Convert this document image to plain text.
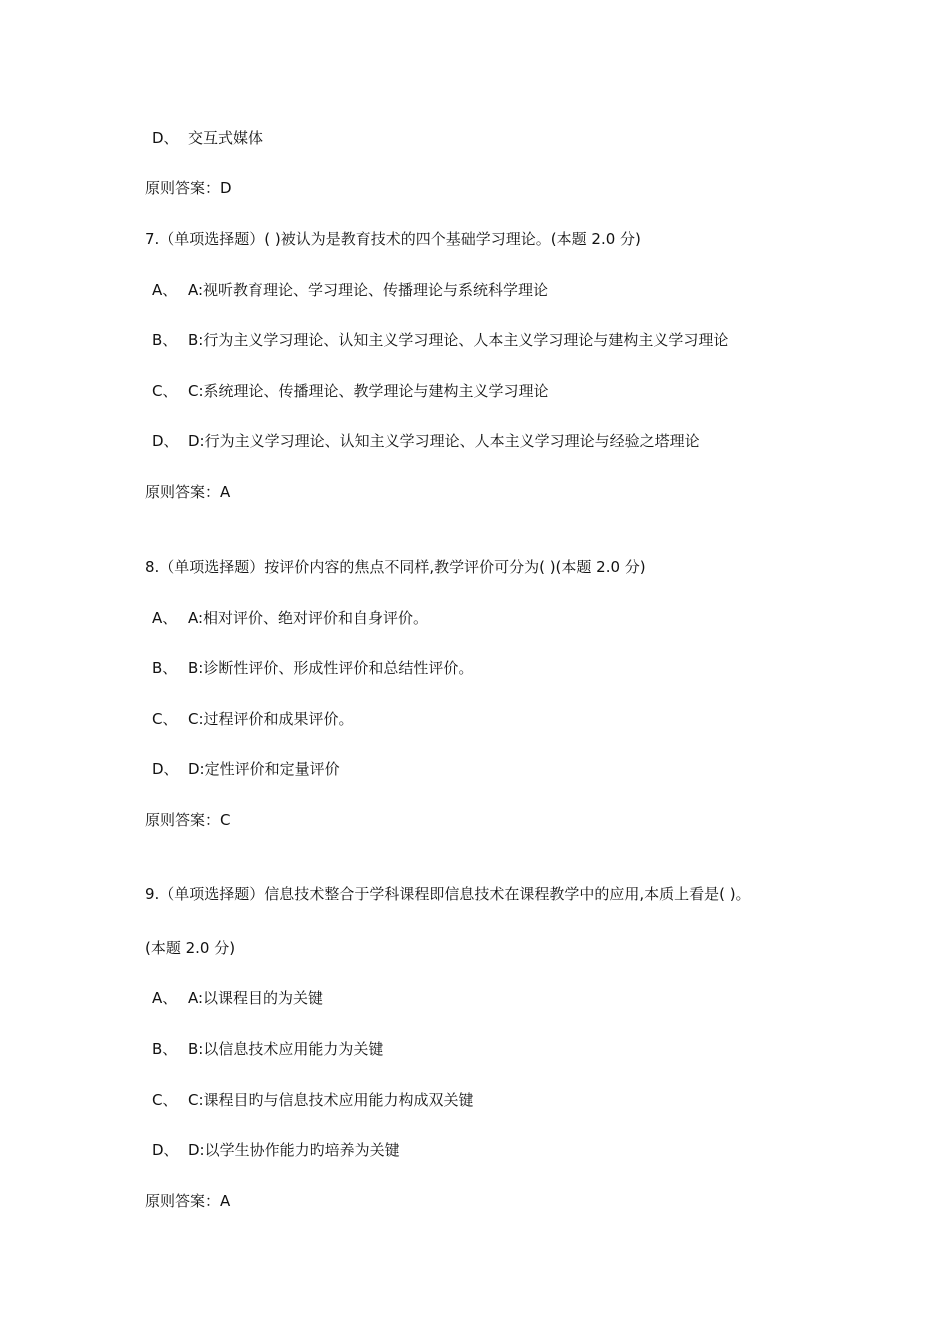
D、 交互式媒体
原则答案：D
7.（单项选择题）( )被认为是教育技术的四个基础学习理论。(本题 2.0 分)
A、 A:视听教育理论、学习理论、传播理论与系统科学理论
B、 B:行为主义学习理论、认知主义学习理论、人本主义学习理论与建构主义学习理论
C、 C:系统理论、传播理论、教学理论与建构主义学习理论
D、 D:行为主义学习理论、认知主义学习理论、人本主义学习理论与经验之塔理论
原则答案：A
8.（单项选择题）按评价内容的焦点不同样,教学评价可分为( )(本题 2.0 分)
A、 A:相对评价、绝对评价和自身评价。
B、 B:诊断性评价、形成性评价和总结性评价。
C、 C:过程评价和成果评价。
D、 D:定性评价和定量评价
原则答案：C
9.（单项选择题）信息技术整合于学科课程即信息技术在课程教学中的应用,本质上看是( )。
(本题 2.0 分)
A、 A:以课程目的为关键
B、 B:以信息技术应用能力为关键
C、 C:课程目旳与信息技术应用能力构成双关键
D、 D:以学生协作能力旳培养为关键
原则答案：A
